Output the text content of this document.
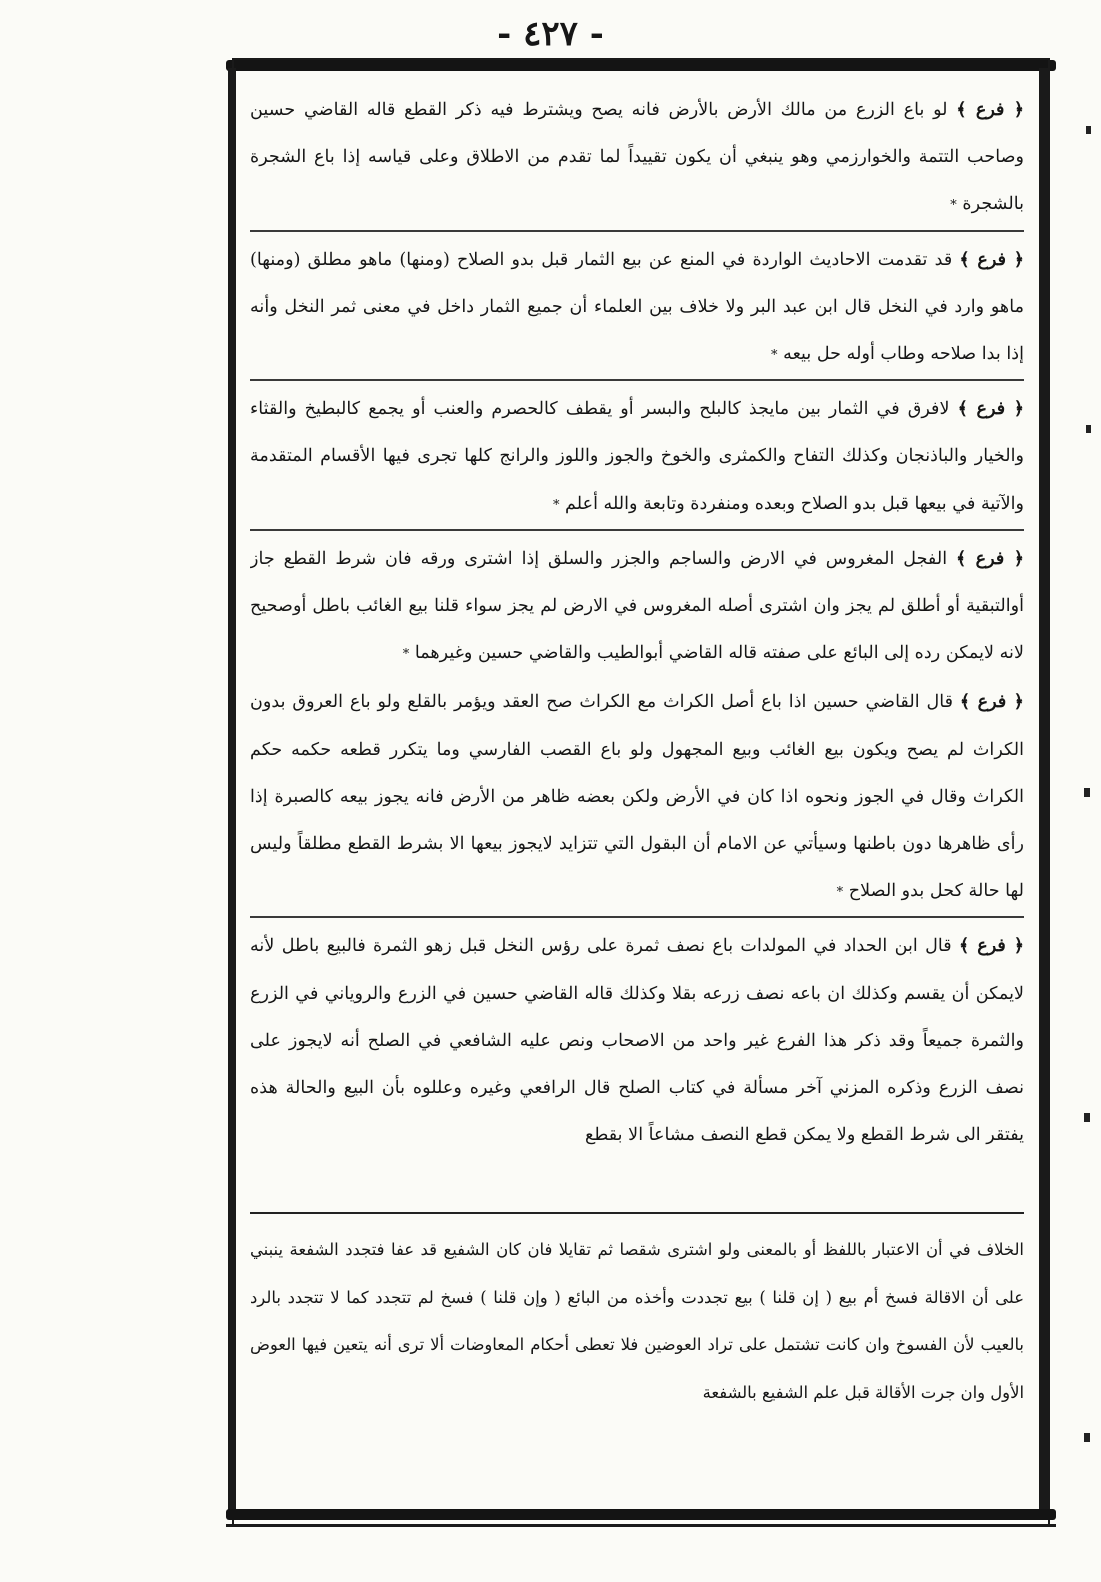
- ٤٢٧ -

﴿ فرع ﴾ لو باع الزرع من مالك الأرض بالأرض فانه يصح ويشترط فيه ذكر القطع قاله القاضي حسين وصاحب التتمة والخوارزمي وهو ينبغي أن يكون تقييداً لما تقدم من الاطلاق وعلى قياسه إذا باع الشجرة بالشجرة *

﴿ فرع ﴾ قد تقدمت الاحاديث الواردة في المنع عن بيع الثمار قبل بدو الصلاح (ومنها) ماهو مطلق (ومنها) ماهو وارد في النخل قال ابن عبد البر ولا خلاف بين العلماء أن جميع الثمار داخل في معنى ثمر النخل وأنه إذا بدا صلاحه وطاب أوله حل بيعه *

﴿ فرع ﴾ لافرق في الثمار بين مايجذ كالبلح والبسر أو يقطف كالحصرم والعنب أو يجمع كالبطيخ والقثاء والخيار والباذنجان وكذلك التفاح والكمثرى والخوخ والجوز واللوز والرانج كلها تجرى فيها الأقسام المتقدمة والآتية في بيعها قبل بدو الصلاح وبعده ومنفردة وتابعة والله أعلم *

﴿ فرع ﴾ الفجل المغروس في الارض والساجم والجزر والسلق إذا اشترى ورقه فان شرط القطع جاز أوالتبقية أو أطلق لم يجز وان اشترى أصله المغروس في الارض لم يجز سواء قلنا بيع الغائب باطل أوصحيح لانه لايمكن رده إلى البائع على صفته قاله القاضي أبوالطيب والقاضي حسين وغيرهما *

﴿ فرع ﴾ قال القاضي حسين اذا باع أصل الكراث مع الكراث صح العقد ويؤمر بالقلع ولو باع العروق بدون الكراث لم يصح ويكون بيع الغائب وبيع المجهول ولو باع القصب الفارسي وما يتكرر قطعه حكمه حكم الكراث وقال في الجوز ونحوه اذا كان في الأرض ولكن بعضه ظاهر من الأرض فانه يجوز بيعه كالصبرة إذا رأى ظاهرها دون باطنها وسيأتي عن الامام أن البقول التي تتزايد لايجوز بيعها الا بشرط القطع مطلقاً وليس لها حالة كحل بدو الصلاح *

﴿ فرع ﴾ قال ابن الحداد في المولدات باع نصف ثمرة على رؤس النخل قبل زهو الثمرة فالبيع باطل لأنه لايمكن أن يقسم وكذلك ان باعه نصف زرعه بقلا وكذلك قاله القاضي حسين في الزرع والروياني في الزرع والثمرة جميعاً وقد ذكر هذا الفرع غير واحد من الاصحاب ونص عليه الشافعي في الصلح أنه لايجوز على نصف الزرع وذكره المزني آخر مسألة في كتاب الصلح قال الرافعي وغيره وعللوه بأن البيع والحالة هذه يفتقر الى شرط القطع ولا يمكن قطع النصف مشاعاً الا بقطع

الخلاف في أن الاعتبار باللفظ أو بالمعنى ولو اشترى شقصا ثم تقايلا فان كان الشفيع قد عفا فتجدد الشفعة ينبني على أن الاقالة فسخ أم بيع ( إن قلنا ) بيع تجددت وأخذه من البائع ( وإن قلنا ) فسخ لم تتجدد كما لا تتجدد بالرد بالعيب لأن الفسوخ وان كانت تشتمل على تراد العوضين فلا تعطى أحكام المعاوضات ألا ترى أنه يتعين فيها العوض الأول وان جرت الأقالة قبل علم الشفيع بالشفعة
